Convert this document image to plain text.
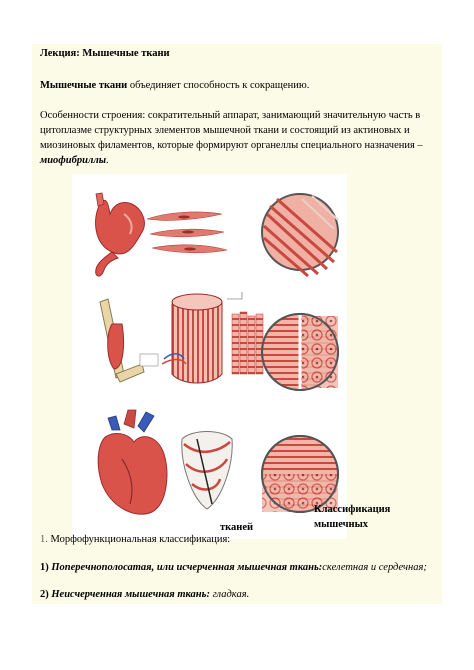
Лекция: Мышечные ткани
Мышечные ткани объединяет способность к сокращению.
Особенности строения: сократительный аппарат, занимающий значительную часть в
цитоплазме структурных элементов мышечной ткани и состоящий из актиновых и
миозиновых филаментов, которые формируют органеллы специального назначения –
миофибриллы.
Классификация мышечных
тканей
1. Морфофункциональная классификация:
1) Поперечнополосатая, или исчерченная мышечная ткань:скелетная и сердечная;
2) Неисчерченная мышечная ткань: гладкая.
